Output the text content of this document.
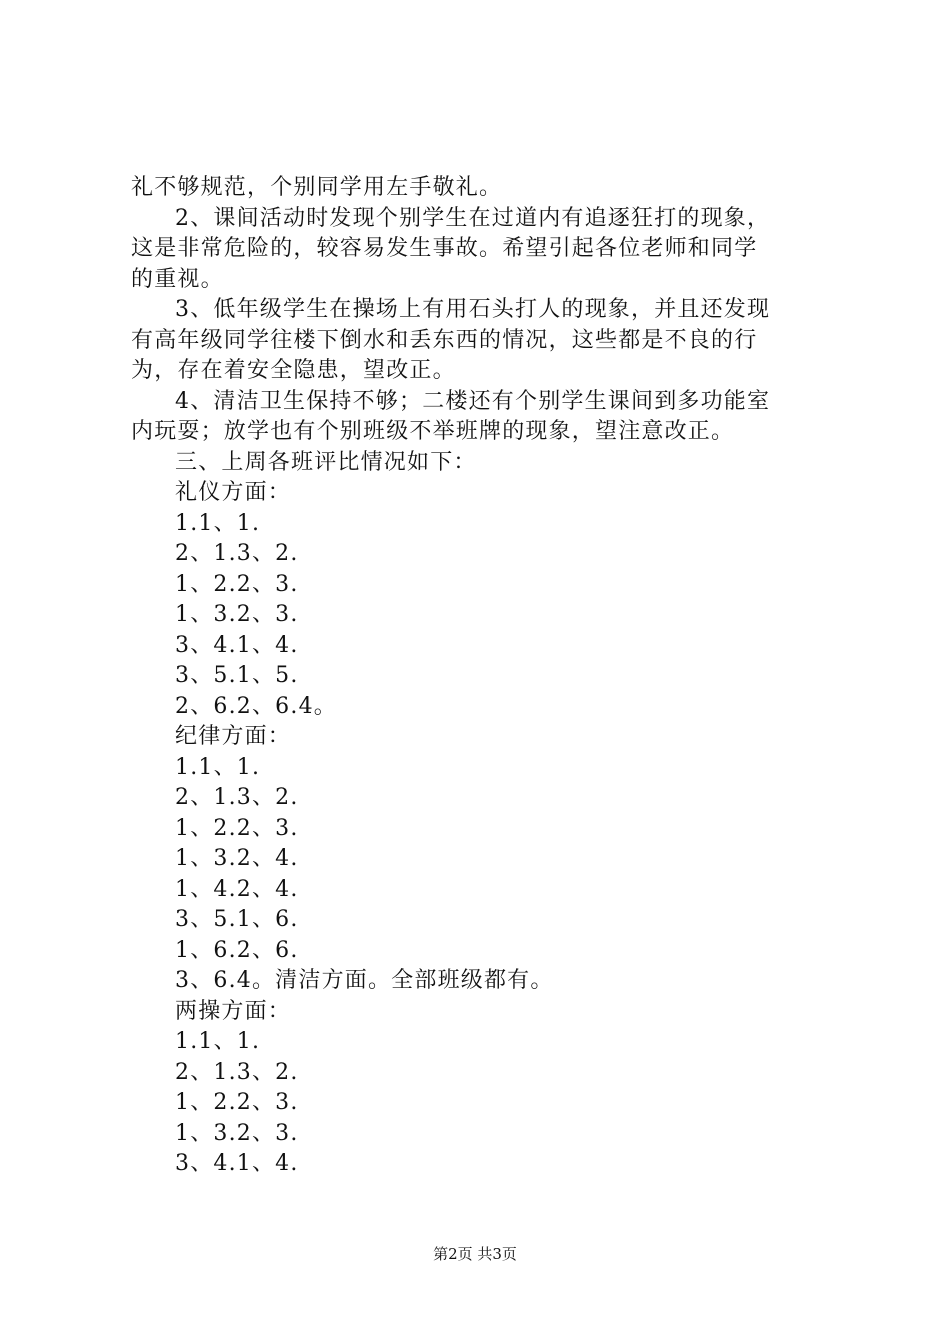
礼不够规范，个别同学用左手敬礼。
2、课间活动时发现个别学生在过道内有追逐狂打的现象，
这是非常危险的，较容易发生事故。希望引起各位老师和同学
的重视。
3、低年级学生在操场上有用石头打人的现象，并且还发现
有高年级同学往楼下倒水和丢东西的情况，这些都是不良的行
为，存在着安全隐患，望改正。
4、清洁卫生保持不够；二楼还有个别学生课间到多功能室
内玩耍；放学也有个别班级不举班牌的现象，望注意改正。
三、上周各班评比情况如下：
礼仪方面：
1.1、1.
2、1.3、2.
1、2.2、3.
1、3.2、3.
3、4.1、4.
3、5.1、5.
2、6.2、6.4。
纪律方面：
1.1、1.
2、1.3、2.
1、2.2、3.
1、3.2、4.
1、4.2、4.
3、5.1、6.
1、6.2、6.
3、6.4。清洁方面。全部班级都有。
两操方面：
1.1、1.
2、1.3、2.
1、2.2、3.
1、3.2、3.
3、4.1、4.
第2页 共3页
